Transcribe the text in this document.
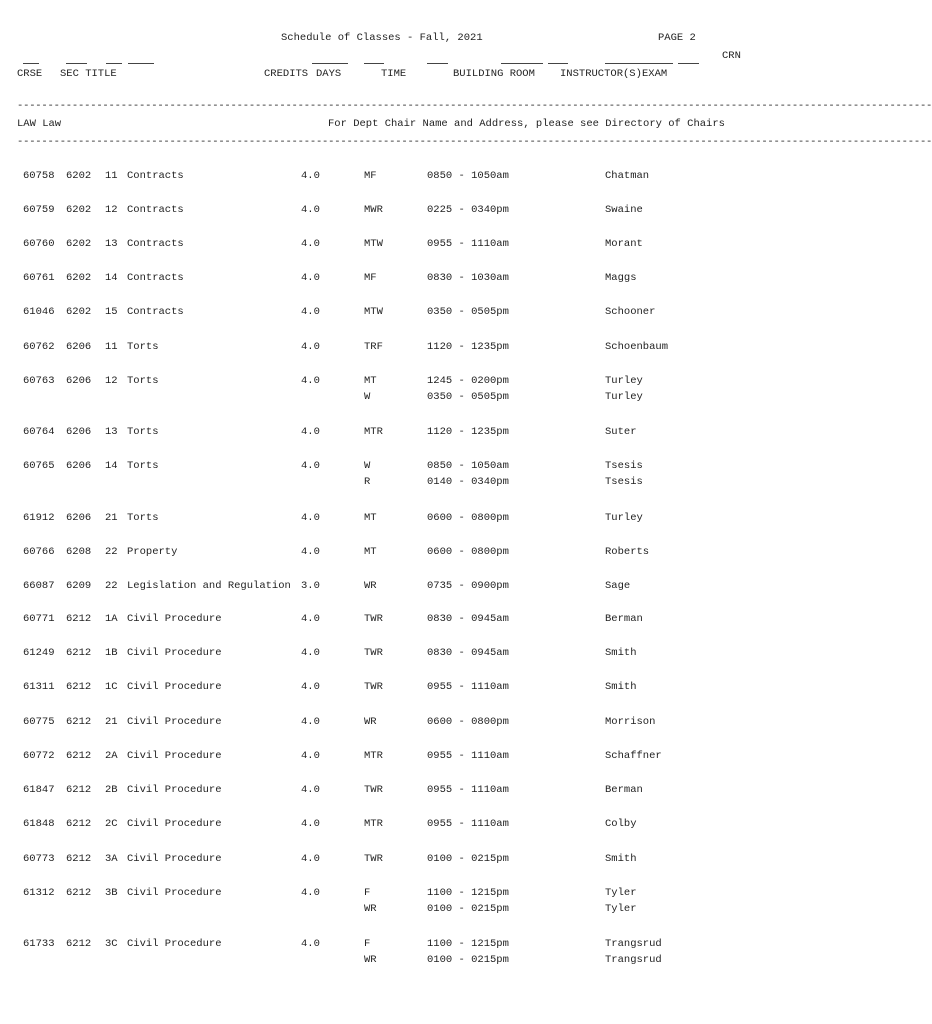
Schedule of Classes - Fall, 2021	PAGE 2
CRN
CRSE SEC TITLE	CREDITS DAYS	TIME	BUILDING ROOM INSTRUCTOR(S) EXAM
------------------------------------------------------------------------------------------------------------------------------------------------------
LAW Law	For Dept Chair Name and Address, please see Directory of Chairs
------------------------------------------------------------------------------------------------------------------------------------------------------
60758 6202 11 Contracts	4.0	MF	0850 - 1050am	Chatman
60759 6202 12 Contracts	4.0	MWR	0225 - 0340pm	Swaine
60760 6202 13 Contracts	4.0	MTW	0955 - 1110am	Morant
60761 6202 14 Contracts	4.0	MF	0830 - 1030am	Maggs
61046 6202 15 Contracts	4.0	MTW	0350 - 0505pm	Schooner
60762 6206 11 Torts	4.0	TRF	1120 - 1235pm	Schoenbaum
60763 6206 12 Torts	4.0	MT	1245 - 0200pm	Turley
W	0350 - 0505pm	Turley
60764 6206 13 Torts	4.0	MTR	1120 - 1235pm	Suter
60765 6206 14 Torts	4.0	W	0850 - 1050am	Tsesis
R	0140 - 0340pm	Tsesis
61912 6206 21 Torts	4.0	MT	0600 - 0800pm	Turley
60766 6208 22 Property	4.0	MT	0600 - 0800pm	Roberts
66087 6209 22 Legislation and Regulation 3.0	WR	0735 - 0900pm	Sage
60771 6212 1A Civil Procedure	4.0	TWR	0830 - 0945am	Berman
61249 6212 1B Civil Procedure	4.0	TWR	0830 - 0945am	Smith
61311 6212 1C Civil Procedure	4.0	TWR	0955 - 1110am	Smith
60775 6212 21 Civil Procedure	4.0	WR	0600 - 0800pm	Morrison
60772 6212 2A Civil Procedure	4.0	MTR	0955 - 1110am	Schaffner
61847 6212 2B Civil Procedure	4.0	TWR	0955 - 1110am	Berman
61848 6212 2C Civil Procedure	4.0	MTR	0955 - 1110am	Colby
60773 6212 3A Civil Procedure	4.0	TWR	0100 - 0215pm	Smith
61312 6212 3B Civil Procedure	4.0	F	1100 - 1215pm	Tyler
WR	0100 - 0215pm	Tyler
61733 6212 3C Civil Procedure	4.0	F	1100 - 1215pm	Trangsrud
WR	0100 - 0215pm	Trangsrud
